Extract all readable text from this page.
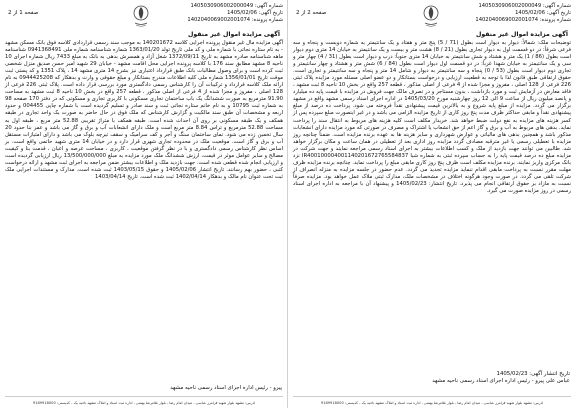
شماره آگهی: 1405030906002000049
تاریخ آگهی: 1405/02/06
شماره پرونده: 1402040069002001074
صفحه 2 از 2
آگهی مزایده اموال غیر منقول
توضیحات ملک: شمالاً: دیوار به دیوار است بطول (71 / 5) پنج متر و هفتاد و یک سانتیمتر به شماره دویست و پنجاه و سه فرعی شرقاً: در دو قسمت اول به دیوار تجاری بطول (21 / 8) هشت متر و بیست و یک سانتیمتر به خیابان 14 متری دوم دیوار است بطول (86 / 1) یک متر و هشتاد و شش سانتیمتر به خیابان 14 متری جنوباً: درب و دیوار است بطول (31 / 4) چهار متر و سی و یک سانتیمتر به خیابان شهدا غرباً: در دو قسمت اول دیوار است بطول (84 / 6) شش متر و هشتاد و چهار سانتیمتر و تجاری دوم دیوار است بطول (53 / 0) پنجاه و سه سانتیمتر به دیوار و شامل 14 متر و پنجاه و سه سانتیمتر و تجاری است. حقوق ارتفاقی طبق قانون لذا با توجه به قطعیت ارزیابی و درخواست بستانکار و دو عضو اصلی مسئله مورد مزایده پلاک ثبتی 226 فرعی از 128 اصلی ، مفروز و مجزا شده از 4 فرعی از اصلی مذکور ، قطعه 257 واقع در بخش 10 ناحیه 8 ثبت مشهد ، فاقد معارض در آزمایش ثبت و مورد بازداشت ، بدون مستاجر و در تصرف مالک جهت فروش در مزایده با قیمت پایه ده میلیارد و پانصد میلیون ریال از ساعت 9 الی 12 روز چهارشنبه مورخ 1405/03/20 در اداره اجرای اسناد رسمی مشهد واقع در مشهد برگزار می گردد. مزایده از مبلغ پایه شروع و به بالاترین قیمت پیشنهادی نقداً فروخته می شود. پرداخت ده درصد از مبلغ پیشنهادی نقداً و مابقی حداکثر ظرف مدت پنج روز کاری از تاریخ مزایده الزامی می باشد و در غیر اینصورت مبلغ سپرده پس از کسر هزینه های مزایده به نفع دولت ضبط خواهد شد. خریدار مکلف است کلیه هزینه های مربوط به انتقال سند را پرداخت نماید. بدهی های مربوط به آب و برق و گاز اعم از حق انشعاب یا اشتراک و مصرف در صورتی که مورد مزایده دارای انشعابات مذکور باشد و همچنین بدهی های مالیاتی و عوارض شهرداری و سایر هزینه ها به عهده برنده مزایده است. ضمناً چنانچه روز مزایده با تعطیلی رسمی یا غیر مترقبه مصادف گردد مزایده روز اداری بعد از تعطیلی در همان ساعت و مکان برگزار خواهد شد. طالبین می توانند جهت بازدید از ملک و کسب اطلاعات بیشتر به اجرای اسناد رسمی مراجعه نمایند و جهت شرکت در مزایده مبلغ ده درصد قیمت پایه را به حساب سپرده ثبتی به شماره شبا IR400100004001140201672765584837 نزد بانک مرکزی واریز نمایند. برنده مزایده مکلف است ظرف پنج روز کاری مابقی مبلغ را پرداخت نماید. چنانچه برنده مزایده ظرف مهلت مقرر نسبت به پرداخت مابقی اقدام ننماید مزایده تجدید می گردد. عدم حضور در جلسه مزایده به منزله انصراف از شرکت تلقی می گردد. در صورت وجود هرگونه اختلاف در مشخصات ملک، مدارک ثبتی ملاک عمل خواهد بود. مزایده صرفاً نسبت به مازاد بر حقوق ارتفاقی انجام می پذیرد. تاریخ انتشار: 1405/02/23 و پیشنهاد آن با مراجعه به اداره اجرای اسناد رسمی در روز مزایده صورت می گیرد.
تاریخ انتشار آگهی: 1405/02/23
عباس علی پیرو - رئیس اداره اجرای اسناد رسمی ناحیه مشهد
آدرس: مشهد بلوار شهید فرامرز عباسی ، میدان امام رضا ، بلوار غلامرضا بهمنی ، اداره ثبت اسناد و املاک مشهد ناحیه یک - کدپستی: 9189918000
شماره آگهی: 1405030906002000049
تاریخ آگهی: 1405/02/06
شماره پرونده: 1402040069002001074
صفحه 1 از 2
آگهی مزایده اموال غیر منقول
آگهی مزایده مال غیر منقول پرونده اجرایی کلاسه 140201672 به موجب سند رسمی قراردادی کلاسه فوق بانک مسکن مشهد - به نام ستاره نجاتی با شماره ملی و کد ملی تاریخ تولد 1363/01/20 شماره شناسنامه شماره ملی 0941368491 شناسنامه ماهه شناسنامه صادره مشهد به تاریخ 1372/09/11 شغل آزاد و همسرش بدهی به بانک به مبلغ 7433 ریال شماره اجرای 10 ناحیه 8 مشهد مطابق سند 176 با کلاسه پرونده اجرایی محل اقامت مشهد - خیابان 29 شهید امیر حسن صدیق منزل شخصی ثبت کرده است و برای وصول مطالبات بانک طبق قرارداد اعتباری نیز بشرح 14 متری مشهد 14 ، پلاک 1351 و کد پستی ثبت موقت تاریخ 1356/01/01 شماره ملی کلیه اطلاعات مندرج بستانکار و مبلغ حقوقی و وارث و بدهکار که 0944425208 به نام ارائه ملک کلاسه قرارداد و ترکیبات آن را کارشناس رسمی دادگستری مورد بررسی قرار داده است. پلاک ثبتی 226 فرعی از 128 اصلی ، مفروز و مجزا شده از 4 فرعی از اصلی مذکور ، قطعه 257 واقع در بخش 10 ناحیه 8 ثبت مشهد به مساحت 91.90 مترمربع به صورت ششدانگ یک باب ساختمان تجاری مسکونی با کاربری تجاری و مسکونی که در دفتر 170 صفحه 98 به شماره ثبت 10795 و به نام خانم ستاره نجاتی ثبت و سند صادر و تسلیم گردیده است با شماره چاپی 004455 و حدود اربعه و مشخصات آن طبق سند مالکیت و گزارش کارشناس که ملک فوق در حال حاضر به صورت یک واحد تجاری در طبقه همکف و یک طبقه مسکونی بر روی آن احداث شده است. طبقه همکف با متراژ تقریبی 52.88 متر مربع ، طبقه اول به مساحت 52.88 مترمربع و تراس 8.84 متر مربع است و ملک دارای انشعابات آب و برق و گاز می باشد و عمر بنا حدود 20 سال تخمین زده می شود. نمای ساختمان سنگ و آجر و کف سرامیک و سقف تیرچه بلوک می باشد و دارای امتیازات مستقل آب و برق و گاز است. موقعیت ملک در محدوده تجاری شهری قرار دارد و در خیابان 14 متری شهید حاتمی واقع است. بر اساس نظر کارشناس رسمی دادگستری و با در نظر گرفتن موقعیت ، کاربری ، مساحت عرصه و اعیان ، قدمت بنا و کیفیت مصالح و سایر عوامل موثر در قیمت، ارزش ششدانگ ملک مورد مزایده به مبلغ 13/500/000/000 ریال ارزیابی گردیده است و ارزیابی انجام شده قطعی شده است. جهت بازدید ملک و اطلاعات بیشتر ضمن مراجعه به اجرای ثبت مشهد و ارائه درخواست کتبی ، حضور بهم رسانند. تاریخ انتشار 1405/02/06 و حقوق 1403/05/15 ثبت شده است. مدارک و مستندات اجرایی ملک ثبت تحت عنوان نام مالک و بدهکار 1402/04/14 ثبت شده است. تاریخ 1403/04/14
پیرو - رئیس اداره اجرای اسناد رسمی ناحیه مشهد
آدرس: مشهد بلوار شهید فرامرز عباسی ، میدان امام رضا ، بلوار غلامرضا بهمنی ، اداره ثبت اسناد و املاک مشهد ناحیه یک - کدپستی: 9189918000
